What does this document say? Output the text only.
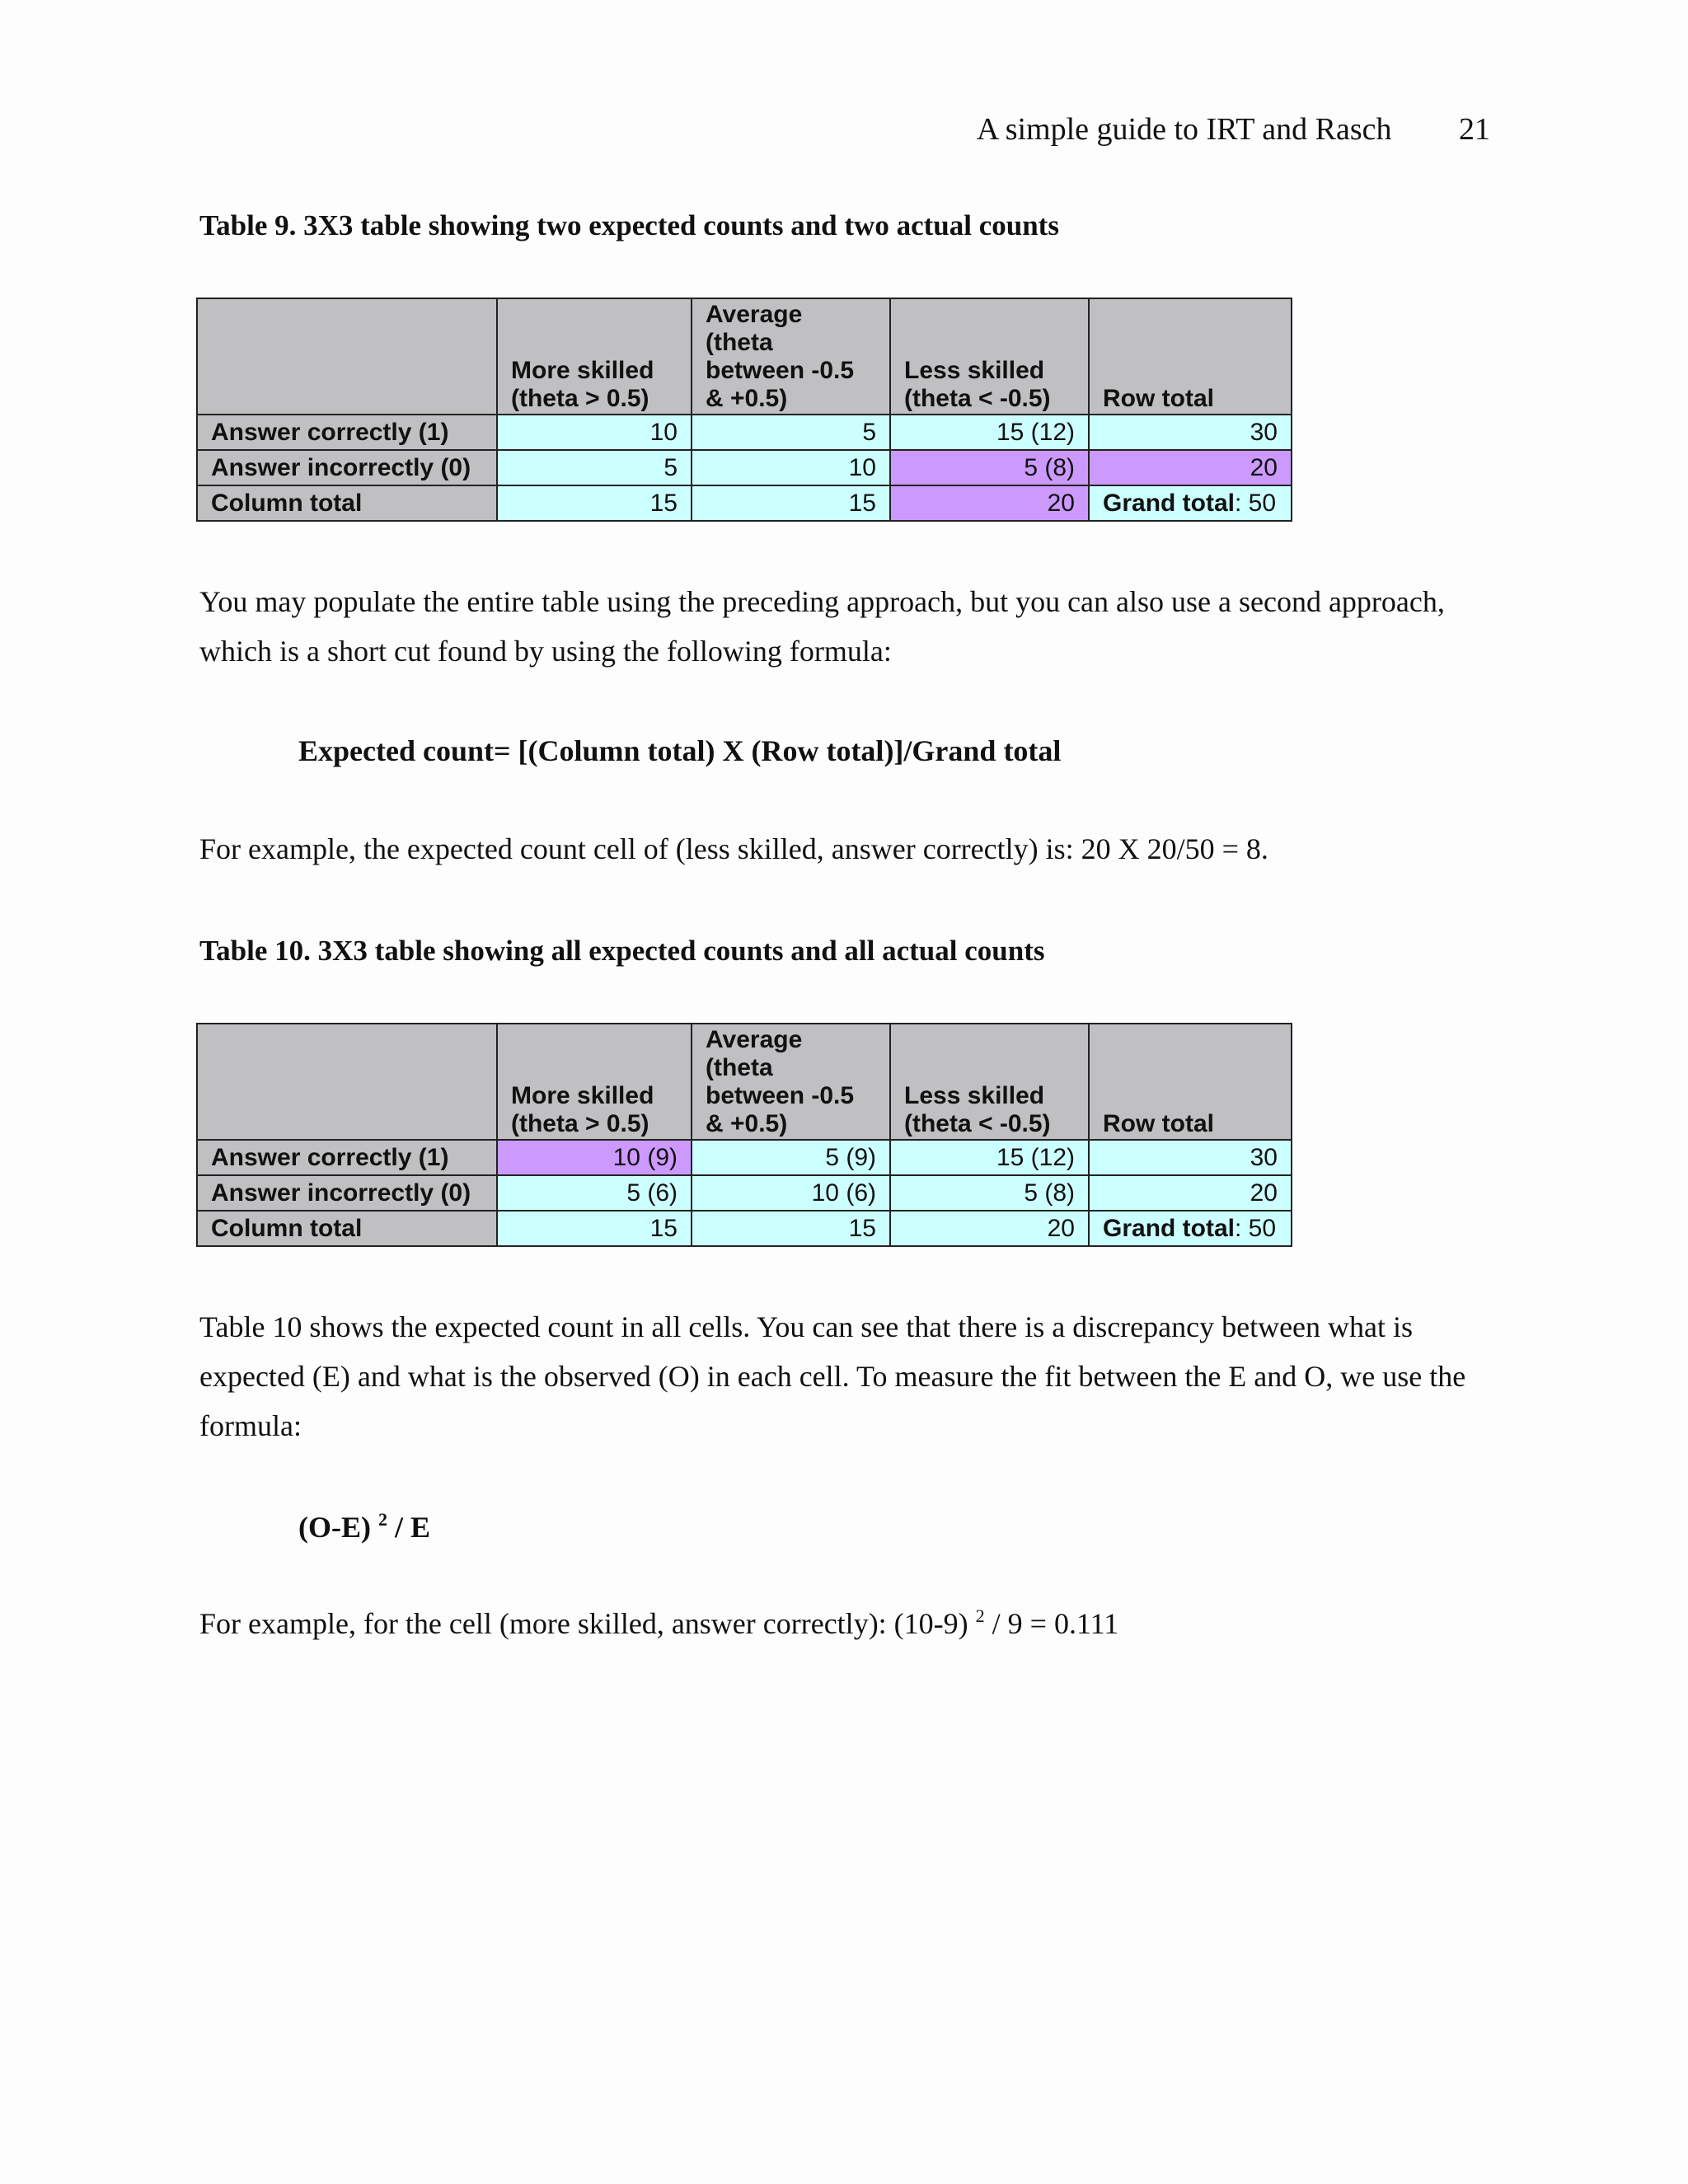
A simple guide to IRT and Rasch 21
Table 9. 3X3 table showing two expected counts and two actual counts
	More skilled (theta > 0.5)	Average (theta between -0.5 & +0.5)	Less skilled (theta < -0.5)	Row total
Answer correctly (1)	10	5	15 (12)	30
Answer incorrectly (0)	5	10	5 (8)	20
Column total	15	15	20	Grand total: 50

You may populate the entire table using the preceding approach, but you can also use a second approach, which is a short cut found by using the following formula:

Expected count= [(Column total) X (Row total)]/Grand total

For example, the expected count cell of (less skilled, answer correctly) is: 20 X 20/50 = 8.

Table 10. 3X3 table showing all expected counts and all actual counts
	More skilled (theta > 0.5)	Average (theta between -0.5 & +0.5)	Less skilled (theta < -0.5)	Row total
Answer correctly (1)	10 (9)	5 (9)	15 (12)	30
Answer incorrectly (0)	5 (6)	10 (6)	5 (8)	20
Column total	15	15	20	Grand total: 50

Table 10 shows the expected count in all cells. You can see that there is a discrepancy between what is expected (E) and what is the observed (O) in each cell. To measure the fit between the E and O, we use the formula:

(O-E) $^2$ / E

For example, for the cell (more skilled, answer correctly): (10-9) $^2$ / 9 = 0.111
